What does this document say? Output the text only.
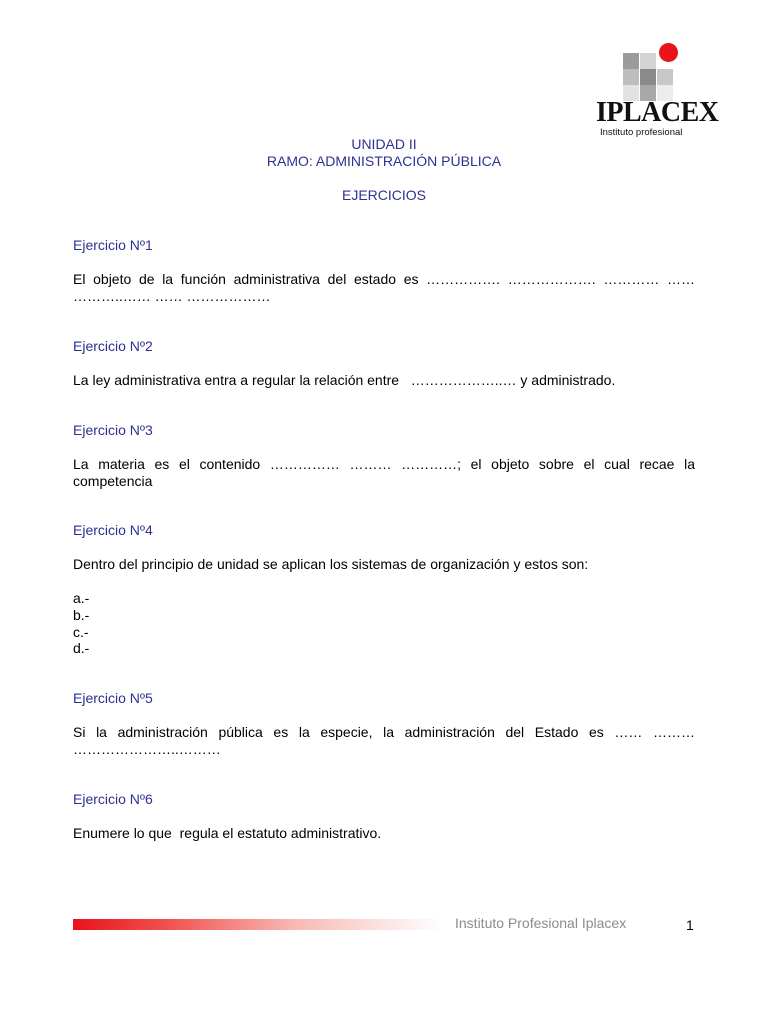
IPLACEX
Instituto profesional
UNIDAD II
RAMO: ADMINISTRACIÓN PÚBLICA
EJERCICIOS
Ejercicio Nº1
El objeto de la función administrativa del estado es ……………. ………………. ………… …… ………..…… …… ………………
Ejercicio Nº2
La ley administrativa entra a regular la relación entre   ………………..… y administrado.
Ejercicio Nº3
La materia es el contenido …………… ……… …………; el objeto sobre el cual recae la competencia
Ejercicio Nº4
Dentro del principio de unidad se aplican los sistemas de organización y estos son:
a.-
b.-
c.-
d.-
Ejercicio Nº5
Si la administración pública es la especie, la administración del Estado es …… ……… …………………..………
Ejercicio Nº6
Enumere lo que  regula el estatuto administrativo.
Instituto Profesional Iplacex	1
